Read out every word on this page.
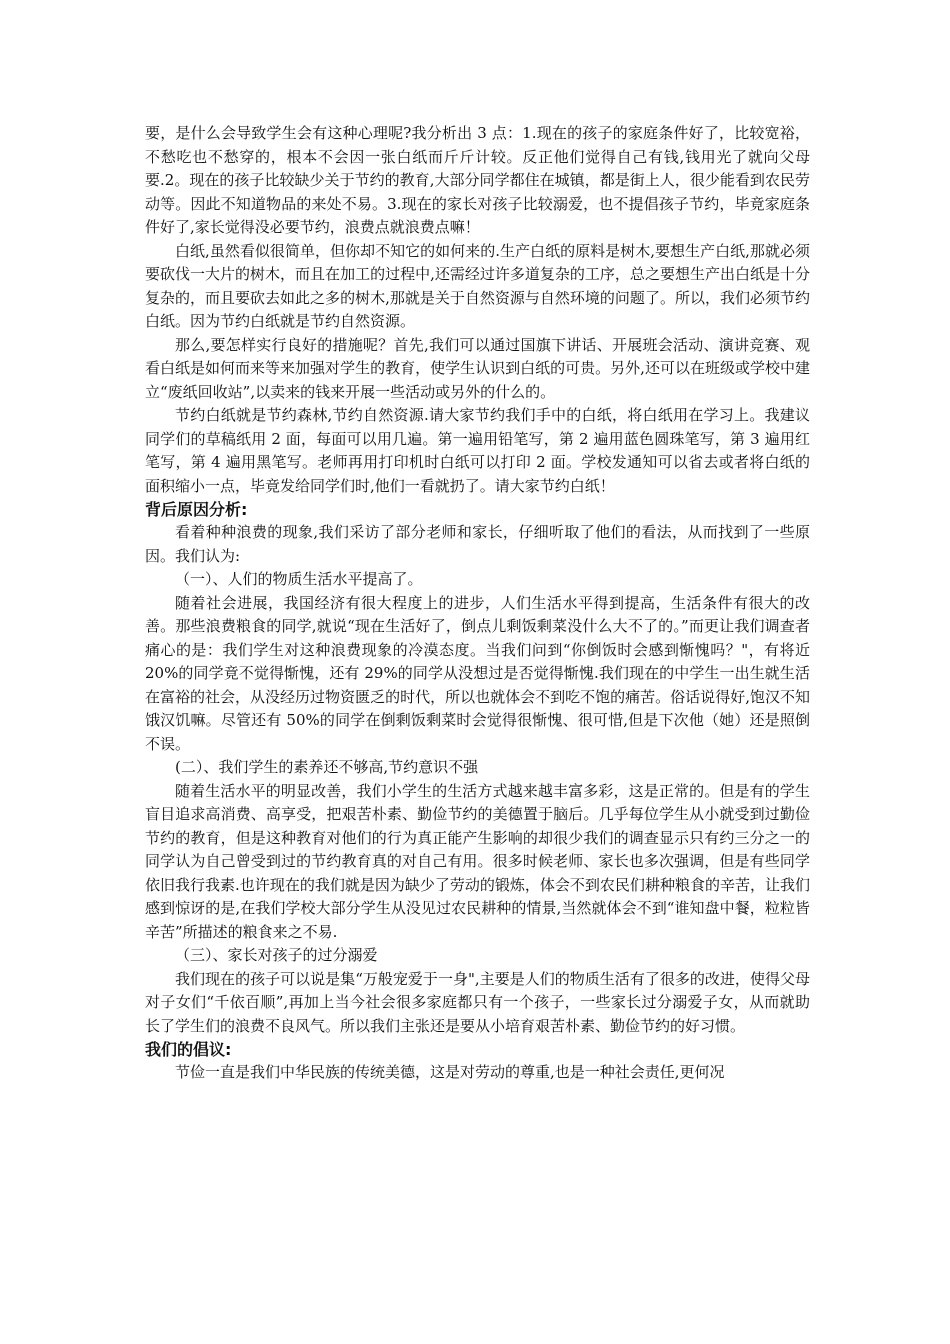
要，是什么会导致学生会有这种心理呢?我分析出 3 点：1.现在的孩子的家庭条件好了，比较宽裕，不愁吃也不愁穿的，根本不会因一张白纸而斤斤计较。反正他们觉得自己有钱,钱用光了就向父母要.2。现在的孩子比较缺少关于节约的教育,大部分同学都住在城镇，都是街上人，很少能看到农民劳动等。因此不知道物品的来处不易。3.现在的家长对孩子比较溺爱，也不提倡孩子节约，毕竟家庭条件好了,家长觉得没必要节约，浪费点就浪费点嘛！

白纸,虽然看似很简单，但你却不知它的如何来的.生产白纸的原料是树木,要想生产白纸,那就必须要砍伐一大片的树木，而且在加工的过程中,还需经过许多道复杂的工序，总之要想生产出白纸是十分复杂的，而且要砍去如此之多的树木,那就是关于自然资源与自然环境的问题了。所以，我们必须节约白纸。因为节约白纸就是节约自然资源。

那么,要怎样实行良好的措施呢？首先,我们可以通过国旗下讲话、开展班会活动、演讲竞赛、观看白纸是如何而来等来加强对学生的教育，使学生认识到白纸的可贵。另外,还可以在班级或学校中建立“废纸回收站”,以卖来的钱来开展一些活动或另外的什么的。

节约白纸就是节约森林,节约自然资源.请大家节约我们手中的白纸，将白纸用在学习上。我建议同学们的草稿纸用 2 面，每面可以用几遍。第一遍用铅笔写，第 2 遍用蓝色圆珠笔写，第 3 遍用红笔写，第 4 遍用黑笔写。老师再用打印机时白纸可以打印 2 面。学校发通知可以省去或者将白纸的面积缩小一点，毕竟发给同学们时,他们一看就扔了。请大家节约白纸！

背后原因分析:

看着种种浪费的现象,我们采访了部分老师和家长，仔细听取了他们的看法，从而找到了一些原因。我们认为:

（一）、人们的物质生活水平提高了。

随着社会进展，我国经济有很大程度上的进步，人们生活水平得到提高，生活条件有很大的改善。那些浪费粮食的同学,就说“现在生活好了，倒点儿剩饭剩菜没什么大不了的。”而更让我们调查者痛心的是：我们学生对这种浪费现象的冷漠态度。当我们问到“你倒饭时会感到惭愧吗？"，有将近 20%的同学竟不觉得惭愧，还有 29%的同学从没想过是否觉得惭愧.我们现在的中学生一出生就生活在富裕的社会，从没经历过物资匮乏的时代，所以也就体会不到吃不饱的痛苦。俗话说得好,饱汉不知饿汉饥嘛。尽管还有 50%的同学在倒剩饭剩菜时会觉得很惭愧、很可惜,但是下次他（她）还是照倒不误。

(二）、我们学生的素养还不够高,节约意识不强

随着生活水平的明显改善，我们小学生的生活方式越来越丰富多彩，这是正常的。但是有的学生盲目追求高消费、高享受，把艰苦朴素、勤俭节约的美德置于脑后。几乎每位学生从小就受到过勤俭节约的教育，但是这种教育对他们的行为真正能产生影响的却很少我们的调查显示只有约三分之一的同学认为自己曾受到过的节约教育真的对自己有用。很多时候老师、家长也多次强调，但是有些同学依旧我行我素.也许现在的我们就是因为缺少了劳动的锻炼，体会不到农民们耕种粮食的辛苦，让我们感到惊讶的是,在我们学校大部分学生从没见过农民耕种的情景,当然就体会不到“谁知盘中餐，粒粒皆辛苦”所描述的粮食来之不易.

（三）、家长对孩子的过分溺爱

我们现在的孩子可以说是集“万般宠爱于一身",主要是人们的物质生活有了很多的改进，使得父母对子女们“千依百顺”,再加上当今社会很多家庭都只有一个孩子，一些家长过分溺爱子女，从而就助长了学生们的浪费不良风气。所以我们主张还是要从小培育艰苦朴素、勤俭节约的好习惯。

我们的倡议:

节俭一直是我们中华民族的传统美德，这是对劳动的尊重,也是一种社会责任,更何况
